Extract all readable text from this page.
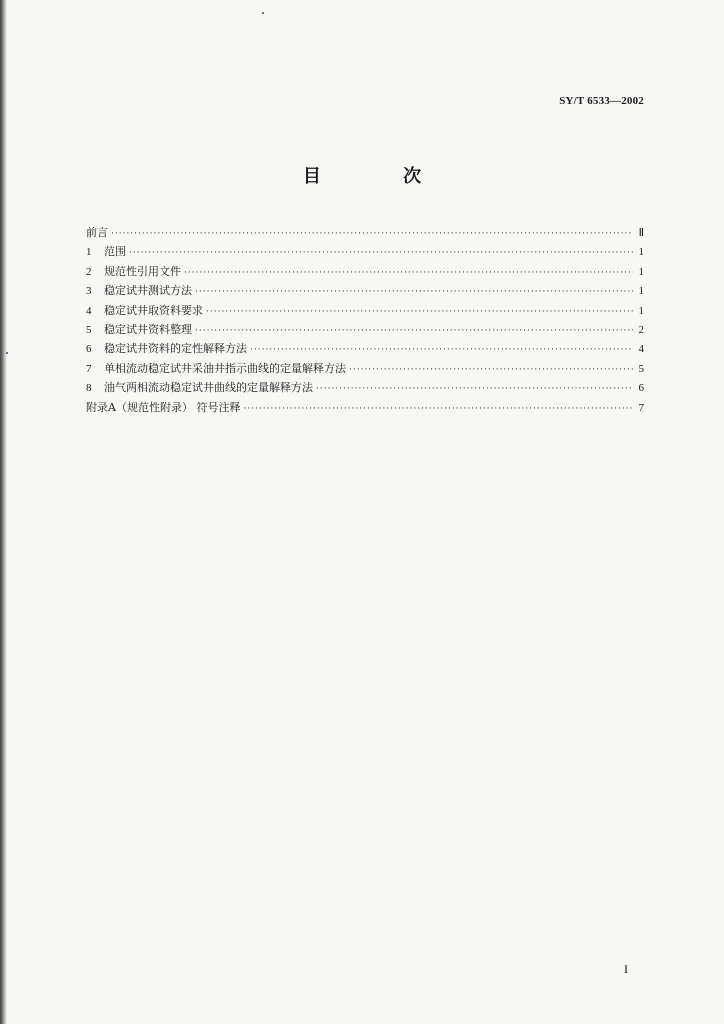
SY/T 6533—2002
目 次
前言 ·····	Ⅱ
1	范围 ·····	1
2	规范性引用文件 ·····	1
3	稳定试井测试方法 ·····	1
4	稳定试井取资料要求 ·····	1
5	稳定试井资料整理 ·····	2
6	稳定试井资料的定性解释方法 ·····	4
7	单相流动稳定试井采油井指示曲线的定量解释方法 ·····	5
8	油气两相流动稳定试井曲线的定量解释方法 ·····	6
附录A（规范性附录） 符号注释 ·····	7
I
